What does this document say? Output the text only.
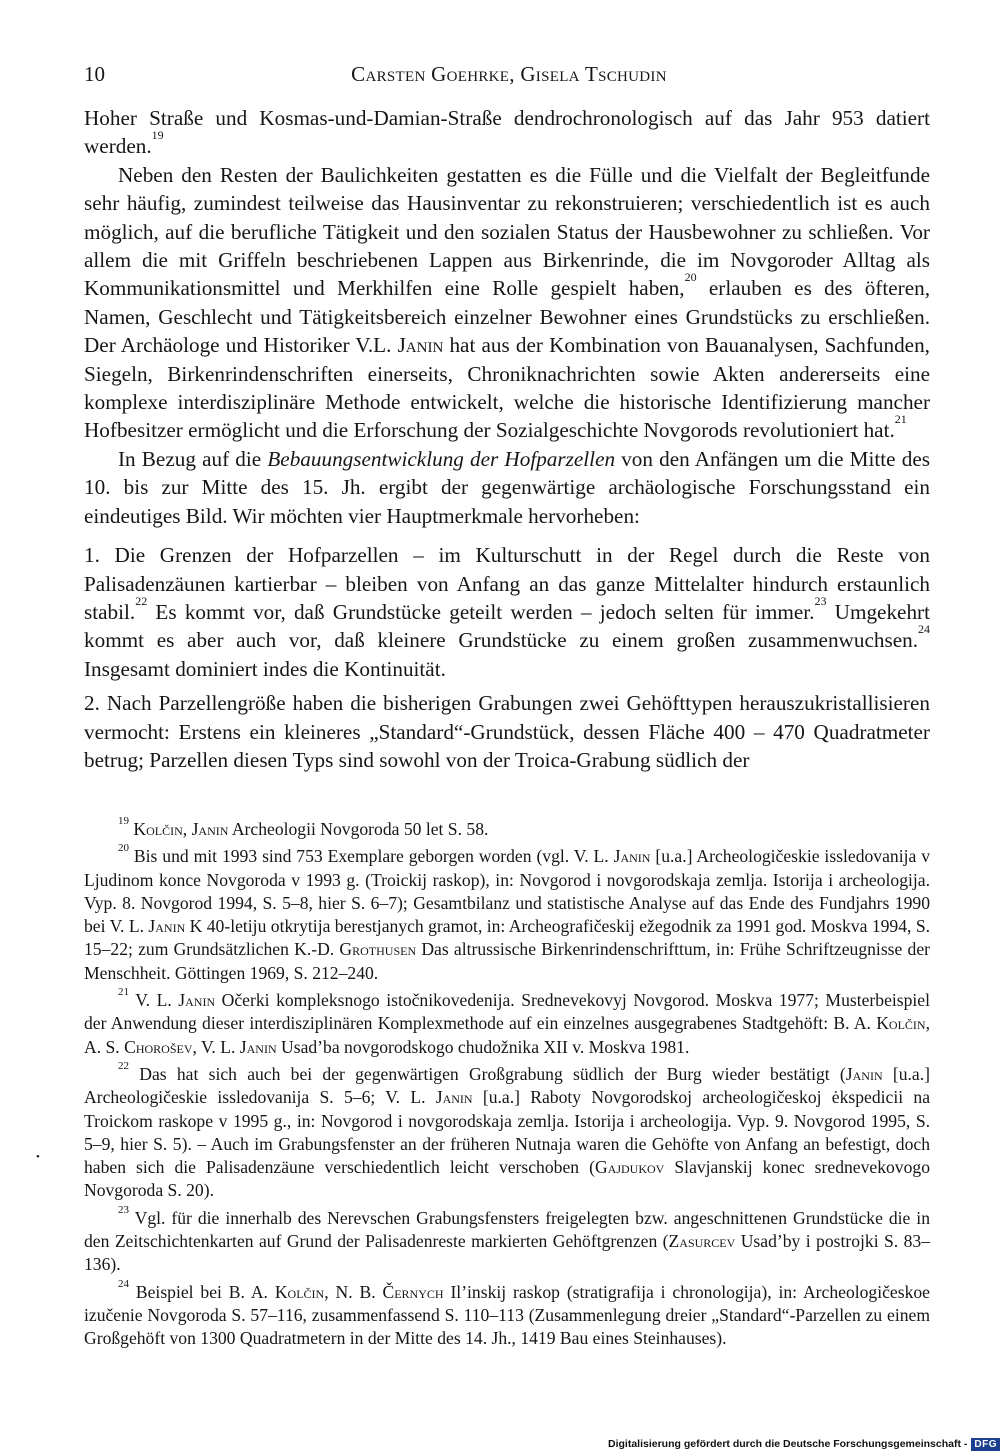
10	Carsten Goehrke, Gisela Tschudin

Hoher Straße und Kosmas-und-Damian-Straße dendrochronologisch auf das Jahr 953 datiert werden.$^{19}$

Neben den Resten der Baulichkeiten gestatten es die Fülle und die Vielfalt der Begleitfunde sehr häufig, zumindest teilweise das Hausinventar zu rekonstruieren; verschiedentlich ist es auch möglich, auf die berufliche Tätigkeit und den sozialen Status der Hausbewohner zu schließen. Vor allem die mit Griffeln beschriebenen Lappen aus Birkenrinde, die im Novgoroder Alltag als Kommunikationsmittel und Merkhilfen eine Rolle gespielt haben,$^{20}$ erlauben es des öfteren, Namen, Geschlecht und Tätigkeitsbereich einzelner Bewohner eines Grundstücks zu erschließen. Der Archäologe und Historiker V.L. Janin hat aus der Kombination von Bauanalysen, Sachfunden, Siegeln, Birkenrindenschriften einerseits, Chroniknachrichten sowie Akten andererseits eine komplexe interdisziplinäre Methode entwickelt, welche die historische Identifizierung mancher Hofbesitzer ermöglicht und die Erforschung der Sozialgeschichte Novgorods revolutioniert hat.$^{21}$

In Bezug auf die Bebauungsentwicklung der Hofparzellen von den Anfängen um die Mitte des 10. bis zur Mitte des 15. Jh. ergibt der gegenwärtige archäologische Forschungsstand ein eindeutiges Bild. Wir möchten vier Hauptmerkmale hervorheben:

1. Die Grenzen der Hofparzellen – im Kulturschutt in der Regel durch die Reste von Palisadenzäunen kartierbar – bleiben von Anfang an das ganze Mittelalter hindurch erstaunlich stabil.$^{22}$ Es kommt vor, daß Grundstücke geteilt werden – jedoch selten für immer.$^{23}$ Umgekehrt kommt es aber auch vor, daß kleinere Grundstücke zu einem großen zusammenwuchsen.$^{24}$ Insgesamt dominiert indes die Kontinuität.

2. Nach Parzellengröße haben die bisherigen Grabungen zwei Gehöfttypen herauszukristallisieren vermocht: Erstens ein kleineres „Standard“-Grundstück, dessen Fläche 400 – 470 Quadratmeter betrug; Parzellen diesen Typs sind sowohl von der Troica-Grabung südlich der

$^{19}$ Kolčin, Janin Archeologii Novgoroda 50 let S. 58.

$^{20}$ Bis und mit 1993 sind 753 Exemplare geborgen worden (vgl. V. L. Janin [u.a.] Archeologičeskie issledovanija v Ljudinom konce Novgoroda v 1993 g. (Troickij raskop), in: Novgorod i novgorodskaja zemlja. Istorija i archeologija. Vyp. 8. Novgorod 1994, S. 5–8, hier S. 6–7); Gesamtbilanz und statistische Analyse auf das Ende des Fundjahrs 1990 bei V. L. Janin K 40-letiju otkrytija berestjanych gramot, in: Archeografičeskij ežegodnik za 1991 god. Moskva 1994, S. 15–22; zum Grundsätzlichen K.-D. Grothusen Das altrussische Birkenrindenschrifttum, in: Frühe Schriftzeugnisse der Menschheit. Göttingen 1969, S. 212–240.

$^{21}$ V. L. Janin Očerki kompleksnogo istočnikovedenija. Srednevekovyj Novgorod. Moskva 1977; Musterbeispiel der Anwendung dieser interdisziplinären Komplexmethode auf ein einzelnes ausgegrabenes Stadtgehöft: B. A. Kolčin, A. S. Chorošev, V. L. Janin Usad’ba novgorodskogo chudožnika XII v. Moskva 1981.

$^{22}$ Das hat sich auch bei der gegenwärtigen Großgrabung südlich der Burg wieder bestätigt (Janin [u.a.] Archeologičeskie issledovanija S. 5–6; V. L. Janin [u.a.] Raboty Novgorodskoj archeologičeskoj ėkspedicii na Troickom raskope v 1995 g., in: Novgorod i novgorodskaja zemlja. Istorija i archeologija. Vyp. 9. Novgorod 1995, S. 5–9, hier S. 5). – Auch im Grabungsfenster an der früheren Nutnaja waren die Gehöfte von Anfang an befestigt, doch haben sich die Palisadenzäune verschiedentlich leicht verschoben (Gajdukov Slavjanskij konec srednevekovogo Novgoroda S. 20).

$^{23}$ Vgl. für die innerhalb des Nerevschen Grabungsfensters freigelegten bzw. angeschnittenen Grundstücke die in den Zeitschichtenkarten auf Grund der Palisadenreste markierten Gehöftgrenzen (Zasurcev Usad’by i postrojki S. 83–136).

$^{24}$ Beispiel bei B. A. Kolčin, N. B. Černych Il’inskij raskop (stratigrafija i chronologija), in: Archeologičeskoe izučenie Novgoroda S. 57–116, zusammenfassend S. 110–113 (Zusammenlegung dreier „Standard“-Parzellen zu einem Großgehöft von 1300 Quadratmetern in der Mitte des 14. Jh., 1419 Bau eines Steinhauses).

•
Digitalisierung gefördert durch die Deutsche Forschungsgemeinschaft - DFG
